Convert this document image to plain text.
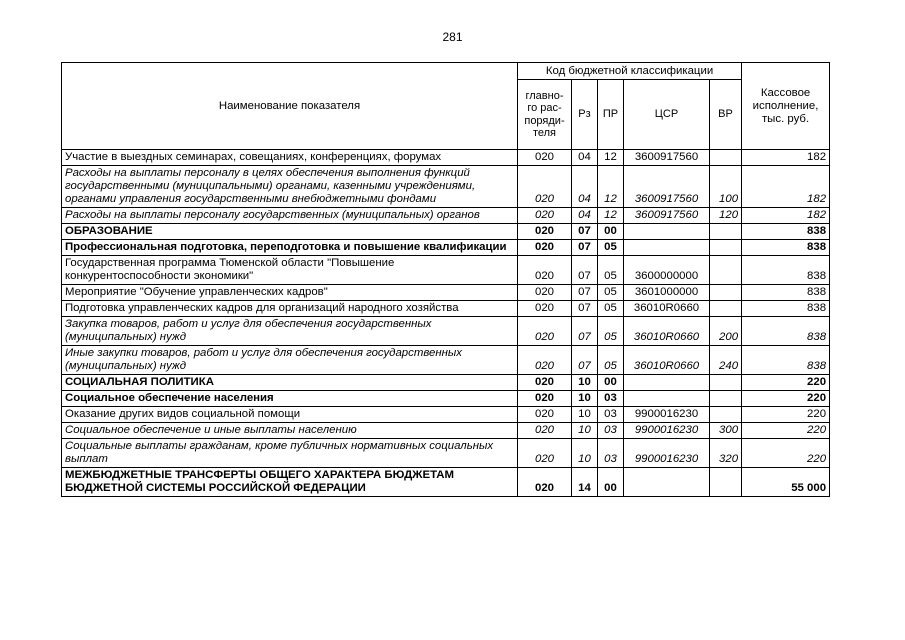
281
Наименование показателя	Код бюджетной классификации					Кассовое исполнение, тыс. руб.
	главно-го рас-поряди-теля	Рз	ПР	ЦСР	ВР	
Участие в выездных семинарах, совещаниях, конференциях, форумах	020	04	12	3600917560		182
Расходы на выплаты персоналу в целях обеспечения выполнения функций государственными (муниципальными) органами, казенными учреждениями, органами управления государственными внебюджетными фондами	020	04	12	3600917560	100	182
Расходы на выплаты персоналу государственных (муниципальных) органов	020	04	12	3600917560	120	182
ОБРАЗОВАНИЕ	020	07	00			838
Профессиональная подготовка, переподготовка и повышение квалификации	020	07	05			838
Государственная программа Тюменской области "Повышение конкурентоспособности экономики"	020	07	05	3600000000		838
Мероприятие "Обучение управленческих кадров"	020	07	05	3601000000		838
Подготовка управленческих кадров для организаций народного хозяйства	020	07	05	36010R0660		838
Закупка товаров, работ и услуг для обеспечения государственных (муниципальных) нужд	020	07	05	36010R0660	200	838
Иные закупки товаров, работ и услуг для обеспечения государственных (муниципальных) нужд	020	07	05	36010R0660	240	838
СОЦИАЛЬНАЯ ПОЛИТИКА	020	10	00			220
Социальное обеспечение населения	020	10	03			220
Оказание других видов социальной помощи	020	10	03	9900016230		220
Социальное обеспечение и иные выплаты населению	020	10	03	9900016230	300	220
Социальные выплаты гражданам, кроме публичных нормативных социальных выплат	020	10	03	9900016230	320	220
МЕЖБЮДЖЕТНЫЕ ТРАНСФЕРТЫ ОБЩЕГО ХАРАКТЕРА БЮДЖЕТАМ БЮДЖЕТНОЙ СИСТЕМЫ РОССИЙСКОЙ ФЕДЕРАЦИИ	020	14	00			55 000
